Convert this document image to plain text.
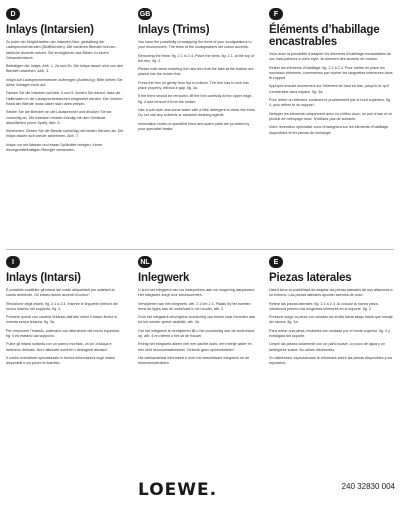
D
Inlays (Intarsien)

Zu jeder der Möglichkeiten der Intarsien-Neu- gestaltung der Lautsprecherblenden (Stoffblenden). Die vorderen Blenden können farbliche Akzente setzen. Sie ermöglichen das Bilden zu einem Gesamteindruck.

Befestigen der Inlays: Abb. 1, 2a und 2b. Die Inlays lassen sich von den Blenden abziehen, Abb. 3.

Inlays auf Lautsprecherblenden aufbringen (Anleitung): Bitte kleben Sie diese Vorlagen nicht auf.

Fassen Sie die Intarsien auf Abb. 4 und 5. Achten Sie darauf, dass die Haltenasen in die Lautsprechertaschen eingesetzt werden. Der vordere Rand der Blende muss dabei nach oben weisen.

Setzen Sie die Blenden an die Lautsprecher und drücken Sie sie vorsichtig an. Die Intarsien müssen bündig mit dem Gehäuse abschließen (ohne Spalt), Abb. 6.

Abnehmen: Ziehen Sie die Blende vorsichtig mit beiden Händen ab. Die Inlays lassen sich wieder abnehmen, Abb. 7.

Inlays nur mit Wasser und etwas Spülmittel reinigen. Keine lösungsmittelhaltigen Reiniger verwenden.

GB
Inlays (Trims)

You have the possibility of swapping the trims of your loudspeakers to your environment. The trims of the loudspeakers set colour accents.

Removing the trims: fig. 2.1 to 2.4. Place the trims, fig. 2.1, at the top of the trim, fig. 2.

Please note when inserting the new trim that the tabs at the bottom are placed into the holder first.

Press the trim on gently from top to bottom. The trim has to lock into place properly, without a gap, fig. 3a.

If the trims should be removed, lift the trim carefully at the upper edge, fig. 4 and remove it from the holder.

Use a soft cloth and some water with a little detergent to clean the trims. Do not use any solvents or abrasive cleaning agents.

Information notes on specified trims and spare parts are provided by your specialist dealer.

F
Éléments d’habillage encastrables

Vous avez la possibilité d’adapter les éléments d’habillage encastrables de vos haut-parleurs à votre style. Ils donnent des accents de couleur.

Retirer les éléments d’habillage: fig. 2.1 à 2.4. Pour mettre en place les nouveaux éléments, commencez par insérer les languettes inférieures dans le support.

Appuyez ensuite doucement sur l’élément de haut en bas, jusqu’à ce qu’il s’enclenche sans espace, fig. 3a.

Pour retirer un élément, soulevez-le prudemment par le bord supérieur, fig. 4, puis retirez-le du support.

Nettoyer les éléments uniquement avec un chiffon doux, un peu d’eau et un produit de nettoyage doux. N’utilisez pas de solvants.

Votre revendeur spécialisé vous renseignera sur les éléments d’habillage disponibles et les pièces de rechange.

I
Inlays (Intarsi)

È possibile sostituire gli intarsi dei vostri altoparlanti per adattarli al vostro ambiente. Gli intarsi danno accenti di colore.

Rimozione degli intarsi: fig. 2.1 a 2.4. Inserire le linguette inferiori del nuovo intarsio nel supporto, fig. 2.

Premere quindi con cautela l’intarsio dall’alto verso il basso finché si innesta senza fessura, fig. 3a.

Per rimuovere l’intarsio, sollevarlo con attenzione dal bordo superiore, fig. 4 ed estrarlo dal supporto.

Pulire gli intarsi soltanto con un panno morbido, un po’ d’acqua e detersivo delicato. Non utilizzare solventi o detergenti abrasivi.

Il vostro rivenditore specializzato vi fornirà informazioni sugli intarsi disponibili e sui pezzi di ricambio.

NL
Inlegwerk

U kunt het inlegwerk van uw luidsprekers aan uw omgeving aanpassen. Het inlegwerk zorgt voor kleuraccenten.

Verwijderen van het inlegwerk: afb. 2.1 t/m 2.4. Plaats bij het inzetten eerst de lipjes aan de onderkant in de houder, afb. 2.

Druk het inlegwerk vervolgens voorzichtig van boven naar beneden aan tot het zonder spleet vastklikt, afb. 3a.

Om het inlegwerk te verwijderen tilt u het voorzichtig aan de bovenrand op, afb. 4 en neemt u het uit de houder.

Reinig het inlegwerk alleen met een zachte doek, een beetje water en een mild schoonmaakmiddel. Gebruik geen oplosmiddelen.

Uw vakhandelaar informeert u over het beschikbare inlegwerk en de reserveonderdelen.

E
Piezas laterales

Usted tiene la posibilidad de adaptar las piezas laterales de sus altavoces a su entorno. Las piezas laterales aportan acentos de color.

Retirar las piezas laterales: fig. 2.1 a 2.4. Al colocar la nueva pieza, introduzca primero las lengüetas inferiores en el soporte, fig. 2.

Presione luego la pieza con cuidado de arriba hacia abajo hasta que encaje sin ranura, fig. 3a.

Para retirar una pieza, levántela con cuidado por el borde superior, fig. 4 y extráigala del soporte.

Limpie las piezas solamente con un paño suave, un poco de agua y un detergente suave. No utilice disolventes.

Su distribuidor especializado le informará sobre las piezas disponibles y los repuestos.

LOEWE.	240 32830 004
